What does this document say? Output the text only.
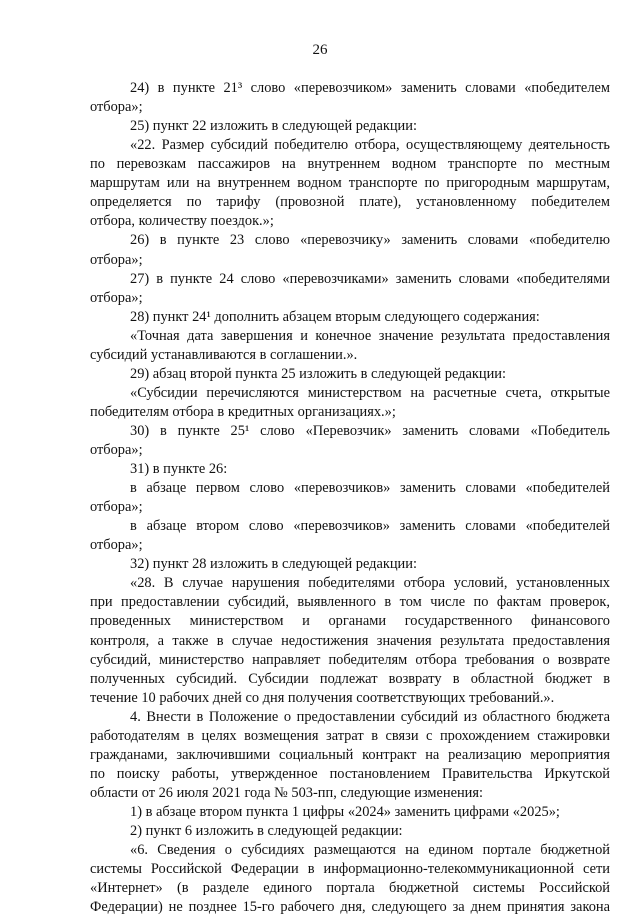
26
24) в пункте 21³ слово «перевозчиком» заменить словами «победителем
отбора»;
25) пункт 22 изложить в следующей редакции:
«22. Размер субсидий победителю отбора, осуществляющему деятельность
по перевозкам пассажиров на внутреннем водном транспорте по местным
маршрутам или на внутреннем водном транспорте по пригородным маршрутам,
определяется по тарифу (провозной плате), установленному победителем
отбора, количеству поездок.»;
26) в пункте 23 слово «перевозчику» заменить словами «победителю
отбора»;
27) в пункте 24 слово «перевозчиками» заменить словами «победителями
отбора»;
28) пункт 24¹ дополнить абзацем вторым следующего содержания:
«Точная дата завершения и конечное значение результата предоставления
субсидий устанавливаются в соглашении.».
29) абзац второй пункта 25 изложить в следующей редакции:
«Субсидии перечисляются министерством на расчетные счета, открытые
победителям отбора в кредитных организациях.»;
30) в пункте 25¹ слово «Перевозчик» заменить словами «Победитель
отбора»;
31) в пункте 26:
в абзаце первом слово «перевозчиков» заменить словами «победителей
отбора»;
в абзаце втором слово «перевозчиков» заменить словами «победителей
отбора»;
32) пункт 28 изложить в следующей редакции:
«28. В случае нарушения победителями отбора условий, установленных
при предоставлении субсидий, выявленного в том числе по фактам проверок,
проведенных министерством и органами государственного финансового
контроля, а также в случае недостижения значения результата предоставления
субсидий, министерство направляет победителям отбора требования о возврате
полученных субсидий. Субсидии подлежат возврату в областной бюджет в
течение 10 рабочих дней со дня получения соответствующих требований.».
4. Внести в Положение о предоставлении субсидий из областного бюджета
работодателям в целях возмещения затрат в связи с прохождением стажировки
гражданами, заключившими социальный контракт на реализацию мероприятия
по поиску работы, утвержденное постановлением Правительства Иркутской
области от 26 июля 2021 года № 503-пп, следующие изменения:
1) в абзаце втором пункта 1 цифры «2024» заменить цифрами «2025»;
2) пункт 6 изложить в следующей редакции:
«6. Сведения о субсидиях размещаются на едином портале бюджетной
системы Российской Федерации в информационно-телекоммуникационной сети
«Интернет» (в разделе единого портала бюджетной системы Российской
Федерации) не позднее 15-го рабочего дня, следующего за днем принятия закона
